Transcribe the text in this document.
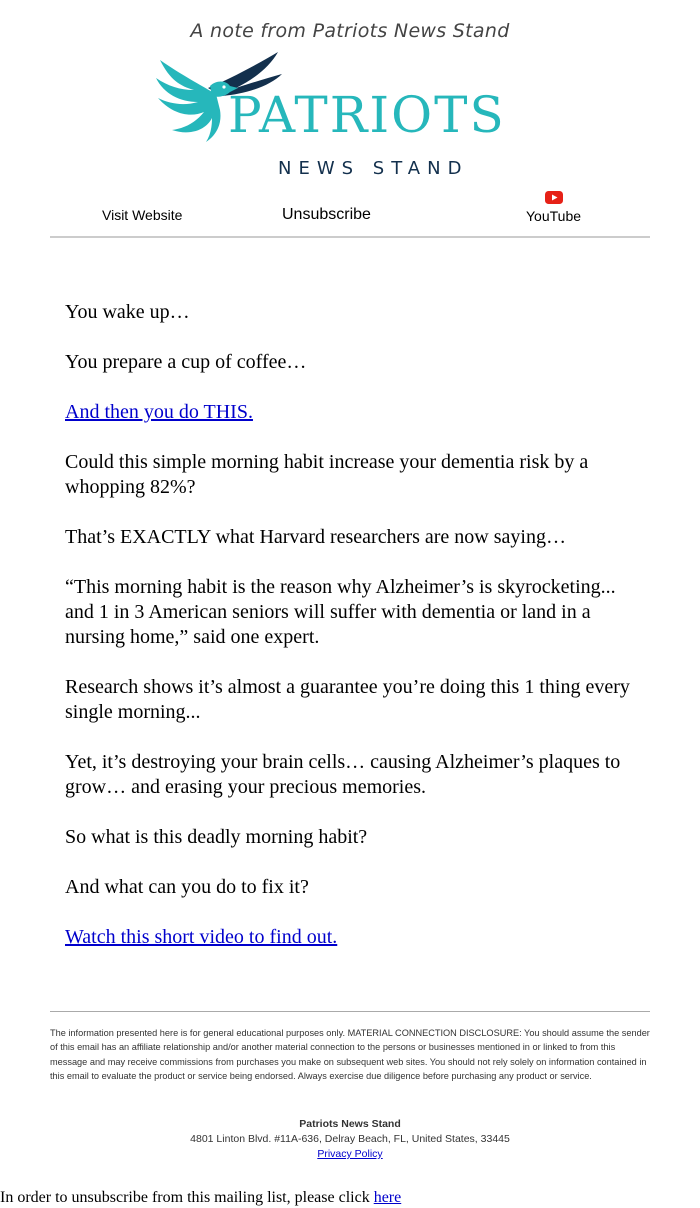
A note from Patriots News Stand
PATRIOTS
NEWS STAND
Visit Website	Unsubscribe	YouTube

You wake up…

You prepare a cup of coffee…

And then you do THIS.

Could this simple morning habit increase your dementia risk by a whopping 82%?

That’s EXACTLY what Harvard researchers are now saying…

“This morning habit is the reason why Alzheimer’s is skyrocketing... and 1 in 3 American seniors will suffer with dementia or land in a nursing home,” said one expert.

Research shows it’s almost a guarantee you’re doing this 1 thing every single morning...

Yet, it’s destroying your brain cells… causing Alzheimer’s plaques to grow… and erasing your precious memories.

So what is this deadly morning habit?

And what can you do to fix it?

Watch this short video to find out.

The information presented here is for general educational purposes only. MATERIAL CONNECTION DISCLOSURE: You should assume the sender of this email has an affiliate relationship and/or another material connection to the persons or businesses mentioned in or linked to from this message and may receive commissions from purchases you make on subsequent web sites. You should not rely solely on information contained in this email to evaluate the product or service being endorsed. Always exercise due diligence before purchasing any product or service.
Patriots News Stand
4801 Linton Blvd. #11A-636, Delray Beach, FL, United States, 33445
Privacy Policy
In order to unsubscribe from this mailing list, please click here
